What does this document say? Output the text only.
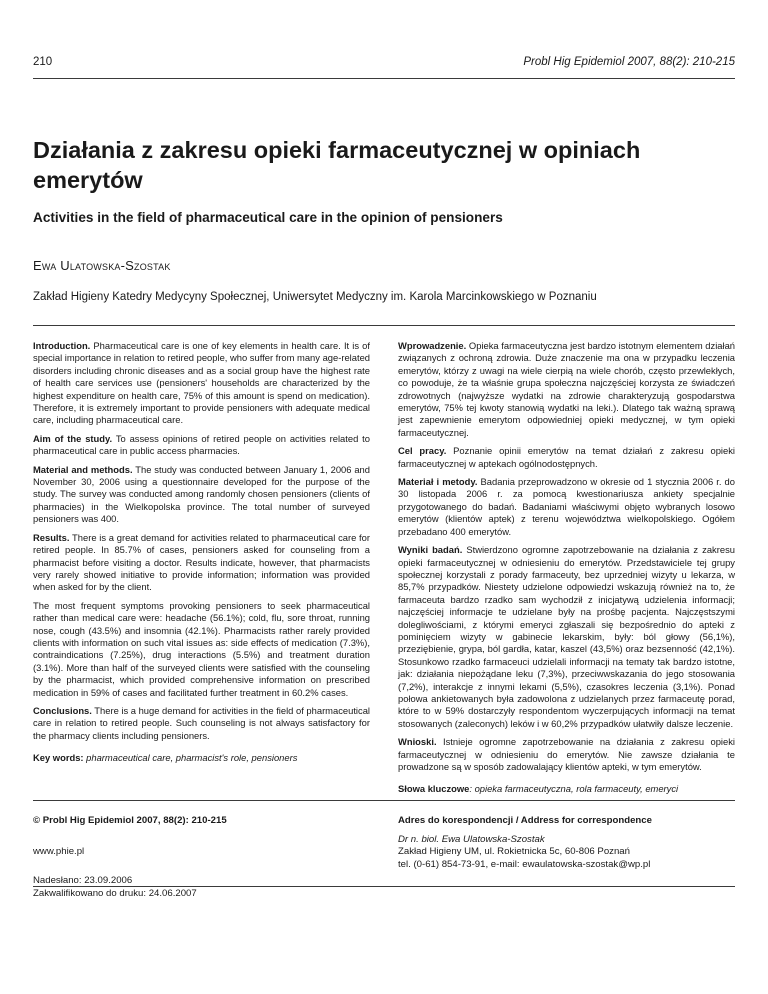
210	Probl Hig Epidemiol 2007, 88(2): 210-215
Działania z zakresu opieki farmaceutycznej w opiniach emerytów
Activities in the field of pharmaceutical care in the opinion of pensioners
Ewa Ulatowska-Szostak
Zakład Higieny Katedry Medycyny Społecznej, Uniwersytet Medyczny im. Karola Marcinkowskiego w Poznaniu

Introduction. Pharmaceutical care is one of key elements in health care. It is of special importance in relation to retired people, who suffer from many age-related disorders including chronic diseases and as a social group have the highest rate of health care services use (pensioners' households are characterized by the highest expenditure on health care, 75% of this amount is spend on medication). Therefore, it is extremely important to provide pensioners with adequate medical care, including pharmaceutical care.

Aim of the study. To assess opinions of retired people on activities related to pharmaceutical care in public access pharmacies.

Material and methods. The study was conducted between January 1, 2006 and November 30, 2006 using a questionnaire developed for the purpose of the study. The survey was conducted among randomly chosen pensioners (clients of pharmacies) in the Wielkopolska province. The total number of surveyed pensioners was 400.

Results. There is a great demand for activities related to pharmaceutical care for retired people. In 85.7% of cases, pensioners asked for counseling from a pharmacist before visiting a doctor. Results indicate, however, that pharmacists very rarely showed initiative to provide information; information was provided when asked for by the client.

The most frequent symptoms provoking pensioners to seek pharmaceutical rather than medical care were: headache (56.1%); cold, flu, sore throat, running nose, cough (43.5%) and insomnia (42.1%). Pharmacists rather rarely provided clients with information on such vital issues as: side effects of medication (7.3%), contraindications (7.25%), drug interactions (5.5%) and treatment duration (3.1%). More than half of the surveyed clients were satisfied with the counseling by the pharmacist, which provided comprehensive information on prescribed medication in 59% of cases and facilitated further treatment in 60.2% cases.

Conclusions. There is a huge demand for activities in the field of pharmaceutical care in relation to retired people. Such counseling is not always satisfactory for the pharmacy clients including pensioners.

Key words: pharmaceutical care, pharmacist's role, pensioners

Wprowadzenie. Opieka farmaceutyczna jest bardzo istotnym elementem działań związanych z ochroną zdrowia. Duże znaczenie ma ona w przypadku leczenia emerytów, którzy z uwagi na wiele cierpią na wiele chorób, często przewlekłych, co powoduje, że ta właśnie grupa społeczna najczęściej korzysta ze świadczeń zdrowotnych (najwyższe wydatki na zdrowie charakteryzują gospodarstwa emerytów, 75% tej kwoty stanowią wydatki na leki.). Dlatego tak ważną sprawą jest zapewnienie emerytom odpowiedniej opieki medycznej, w tym opieki farmaceutycznej.

Cel pracy. Poznanie opinii emerytów na temat działań z zakresu opieki farmaceutycznej w aptekach ogólnodostępnych.

Materiał i metody. Badania przeprowadzono w okresie od 1 stycznia 2006 r. do 30 listopada 2006 r. za pomocą kwestionariusza ankiety specjalnie przygotowanego do badań. Badaniami właściwymi objęto wybranych losowo emerytów (klientów aptek) z terenu województwa wielkopolskiego. Ogółem przebadano 400 emerytów.

Wyniki badań. Stwierdzono ogromne zapotrzebowanie na działania z zakresu opieki farmaceutycznej w odniesieniu do emerytów. Przedstawiciele tej grupy społecznej korzystali z porady farmaceuty, bez uprzedniej wizyty u lekarza, w 85,7% przypadków. Niestety udzielone odpowiedzi wskazują również na to, że farmaceuta bardzo rzadko sam wychodził z inicjatywą udzielenia informacji; najczęściej informacje te udzielane były na prośbę pacjenta. Najczęstszymi dolegliwościami, z którymi emeryci zgłaszali się bezpośrednio do apteki z pominięciem wizyty w gabinecie lekarskim, były: ból głowy (56,1%), przeziębienie, grypa, ból gardła, katar, kaszel (43,5%) oraz bezsenność (42,1%). Stosunkowo rzadko farmaceuci udzielali informacji na tematy tak bardzo istotne, jak: działania niepożądane leku (7,3%), przeciwwskazania do jego stosowania (7,2%), interakcje z innymi lekami (5,5%), czasokres leczenia (3,1%). Ponad połowa ankietowanych była zadowolona z udzielanych przez farmaceutę porad, które to w 59% dostarczyły respondentom wyczerpujących informacji na temat stosowanych (zaleconych) leków i w 60,2% przypadków ułatwiły dalsze leczenie.

Wnioski. Istnieje ogromne zapotrzebowanie na działania z zakresu opieki farmaceutycznej w odniesieniu do emerytów. Nie zawsze działania te prowadzone są w sposób zadowalający klientów apteki, w tym emerytów.

Słowa kluczowe: opieka farmaceutyczna, rola farmaceuty, emeryci

© Probl Hig Epidemiol 2007, 88(2): 210-215
www.phie.pl
Nadesłano: 23.09.2006
Zakwalifikowano do druku: 24.06.2007
Adres do korespondencji / Address for correspondence
Dr n. biol. Ewa Ulatowska-Szostak
Zakład Higieny UM, ul. Rokietnicka 5c, 60-806 Poznań
tel. (0-61) 854-73-91, e-mail: ewaulatowska-szostak@wp.pl
